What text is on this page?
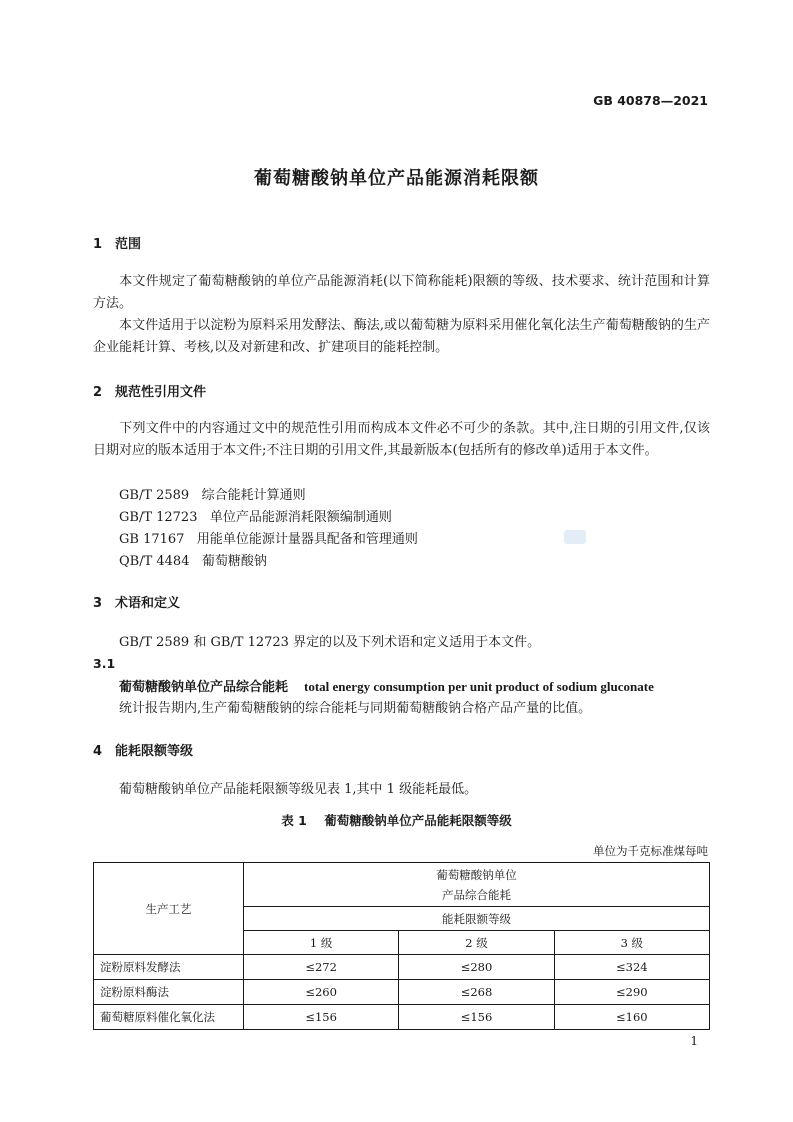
GB 40878—2021
葡萄糖酸钠单位产品能源消耗限额
1 范围
本文件规定了葡萄糖酸钠的单位产品能源消耗(以下简称能耗)限额的等级、技术要求、统计范围和计算方法。
本文件适用于以淀粉为原料采用发酵法、酶法,或以葡萄糖为原料采用催化氧化法生产葡萄糖酸钠的生产企业能耗计算、考核,以及对新建和改、扩建项目的能耗控制。
2 规范性引用文件
下列文件中的内容通过文中的规范性引用而构成本文件必不可少的条款。其中,注日期的引用文件,仅该日期对应的版本适用于本文件;不注日期的引用文件,其最新版本(包括所有的修改单)适用于本文件。
GB/T 2589 综合能耗计算通则
GB/T 12723 单位产品能源消耗限额编制通则
GB 17167 用能单位能源计量器具配备和管理通则
QB/T 4484 葡萄糖酸钠
3 术语和定义
GB/T 2589 和 GB/T 12723 界定的以及下列术语和定义适用于本文件。
3.1
葡萄糖酸钠单位产品综合能耗 total energy consumption per unit product of sodium gluconate
统计报告期内,生产葡萄糖酸钠的综合能耗与同期葡萄糖酸钠合格产品产量的比值。
4 能耗限额等级
葡萄糖酸钠单位产品能耗限额等级见表 1,其中 1 级能耗最低。
表 1    葡萄糖酸钠单位产品能耗限额等级
单位为千克标准煤每吨
生产工艺	葡萄糖酸钠单位
产品综合能耗		

	能耗限额等级		
	1 级	2 级	3 级
淀粉原料发酵法	≤272	≤280	≤324
淀粉原料酶法	≤260	≤268	≤290
葡萄糖原料催化氧化法	≤156	≤156	≤160
1
